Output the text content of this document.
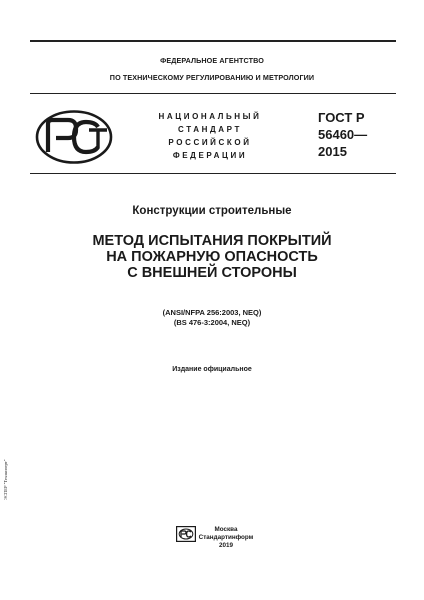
ФЕДЕРАЛЬНОЕ АГЕНТСТВО
ПО ТЕХНИЧЕСКОМУ РЕГУЛИРОВАНИЮ И МЕТРОЛОГИИ
НАЦИОНАЛЬНЫЙ
СТАНДАРТ
РОССИЙСКОЙ
ФЕДЕРАЦИИ
ГОСТ Р
56460—
2015
Конструкции строительные
МЕТОД ИСПЫТАНИЯ ПОКРЫТИЙ
НА ПОЖАРНУЮ ОПАСНОСТЬ
С ВНЕШНЕЙ СТОРОНЫ
(ANSI/NFPA 256:2003, NEQ)
(BS 476-3:2004, NEQ)
Издание официальное
Москва
Стандартинформ
2019
ЭСПЕР "Техэксперт"
